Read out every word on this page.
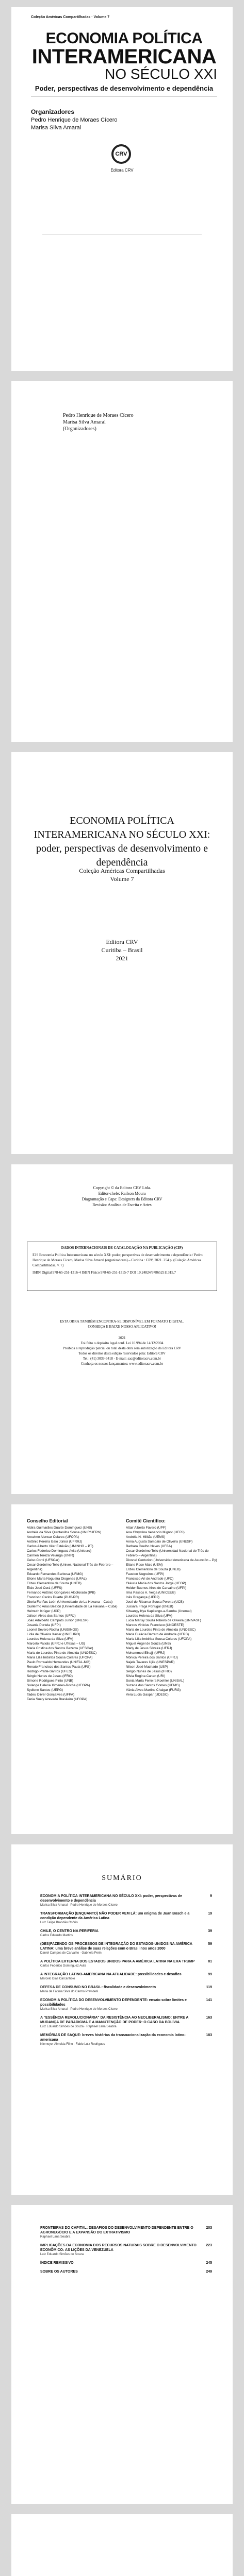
Coleção Américas Compartilhadas · Volume 7
ECONOMIA POLÍTICA
INTERAMERICANA
NO SÉCULO XXI
Poder, perspectivas de desenvolvimento e dependência
Organizadores
Pedro Henrique de Moraes Cícero
Marisa Silva Amaral
CRV
Editora CRV
Pedro Henrique de Moraes Cícero
Marisa Silva Amaral
(Organizadores)
ECONOMIA POLÍTICA INTERAMERICANA NO SÉCULO XXI: poder, perspectivas de desenvolvimento e dependência
Coleção Américas Compartilhadas
Volume 7
Editora CRV
Curitiba – Brasil
2021
Copyright © da Editora CRV Ltda.
Editor-chefe: Railson Moura
Diagramação e Capa: Designers da Editora CRV
Revisão: Analista de Escrita e Artes
DADOS INTERNACIONAIS DE CATALOGAÇÃO NA PUBLICAÇÃO (CIP)
E19 Economia Política Interamericana no século XXI: poder, perspectivas de desenvolvimento e dependência / Pedro Henrique de Moraes Cícero, Marisa Silva Amaral (organizadores) – Curitiba : CRV, 2021. 254 p. (Coleção Américas Compartilhadas, v. 7)
ISBN Digital 978-65-251-1316-4 ISBN Físico 978-65-251-1315-7 DOI 10.24824/978652511315.7
ESTA OBRA TAMBÉM ENCONTRA-SE DISPONÍVEL EM FORMATO DIGITAL.
CONHEÇA E BAIXE NOSSO APLICATIVO!
2021
Foi feito o depósito legal conf. Lei 10.994 de 14/12/2004
Proibida a reprodução parcial ou total desta obra sem autorização da Editora CRV
Todos os direitos desta edição reservados pela: Editora CRV
Tel.: (41) 3039-6418 - E-mail: sac@editoracrv.com.br
Conheça os nossos lançamentos: www.editoracrv.com.br
Conselho Editorial
Aldira Guimarães Duarte Domínguez (UNB)
Andréia da Silva Quintanilha Sousa (UNIR/UFRN)
Anselmo Alencar Colares (UFOPA)
Antônio Pereira Gaio Júnior (UFRRJ)
Carlos Alberto Vilar Estêvão (UMINHO – PT)
Carlos Federico Dominguez Avila (Unieuro)
Carmen Tereza Velanga (UNIR)
Celso Conti (UFSCar)
Cesar Gerónimo Tello (Univer. Nacional Três de Febrero – Argentina)
Eduardo Fernandes Barbosa (UFMG)
Elione Maria Nogueira Diogenes (UFAL)
Elizeu Clementino de Souza (UNEB)
Élsio José Corá (UFFS)
Fernando Antônio Gonçalves Alcoforado (IPB)
Francisco Carlos Duarte (PUC-PR)
Gloria Fariñas León (Universidade de La Havana – Cuba)
Guillermo Arias Beatón (Universidade de La Havana – Cuba)
Helmuth Krüger (UCP)
Jailson Alves dos Santos (UFRJ)
João Adalberto Campato Junior (UNESP)
Josania Portela (UFPI)
Leonel Severo Rocha (UNISINOS)
Lídia de Oliveira Xavier (UNIEURO)
Lourdes Helena da Silva (UFV)
Marcelo Paixão (UFRJ e UTexas – US)
Maria Cristina dos Santos Bezerra (UFSCar)
Maria de Lourdes Pinto de Almeida (UNOESC)
Maria Lília Imbiriba Sousa Colares (UFOPA)
Paulo Romualdo Hernandes (UNIFAL-MG)
Renato Francisco dos Santos Paula (UFG)
Rodrigo Pratte-Santos (UFES)
Sérgio Nunes de Jesus (IFRO)
Simone Rodrigues Pinto (UNB)
Solange Helena Ximenes-Rocha (UFOPA)
Sydione Santos (UEPG)
Tadeu Oliver Gonçalves (UFPA)
Tania Suely Azevedo Brasileiro (UFOPA)
Comitê Científico:
Altair Alberto Fávero (UPF)
Ana Chrystina Venancio Mignot (UERJ)
Andréia N. Militão (UEMS)
Anna Augusta Sampaio de Oliveira (UNESP)
Barbara Coelho Neves (UFBA)
Cesar Gerónimo Tello (Universidad Nacional de Três de Febrero – Argentina)
Diosnel Centurion (Universidad Americana de Asunción – Py)
Eliane Rose Maio (UEM)
Elizeu Clementino de Souza (UNEB)
Fauston Negreiros (UFPI)
Francisco Ari de Andrade (UFC)
Gláucia Maria dos Santos Jorge (UFOP)
Helder Buenos Aires de Carvalho (UFPI)
Ilma Passos A. Veiga (UNICEUB)
Inês Bragança (UERJ)
José de Ribamar Sousa Pereira (UCB)
Jussara Fraga Portugal (UNEB)
Kilwangy Kya Kapitango-a-Samba (Unemat)
Lourdes Helena da Silva (UFV)
Lucia Marisy Souza Ribeiro de Oliveira (UNIVASF)
Marcos Vinicius Francisco (UNOESTE)
Maria de Lourdes Pinto de Almeida (UNOESC)
Maria Eurácia Barreto de Andrade (UFRB)
Maria Lília Imbiriba Sousa Colares (UFOPA)
Míguel Ángel de Souza (UNB)
Marly de Jesus Silveira (UFRJ)
Mohammed Elhajji (UFRJ)
Mônica Pereira dos Santos (UFRJ)
Najela Tavares Ujiie (UNESPAR)
Nilson José Machado (USP)
Sérgio Nunes de Jesus (IFRO)
Silvia Regina Canan (URI)
Sonia Maria Ferreira Koehler (UNISAL)
Suzana dos Santos Gomes (UFMG)
Vânia Alves Martins Chaigar (FURG)
Vera Lucia Gaspar (UDESC)
SUMÁRIO
ECONOMIA POLÍTICA INTERAMERICANA NO SÉCULO XXI: poder, perspectivas de desenvolvimento e dependência
9
Marisa Silva Amaral · Pedro Henrique de Moraes Cícero
TRANSFORMAÇÃO (ENQUANTO) NÃO PODER VEM LÁ: um enigma de Juan Bosch e a condição dependente da América Latina
19
Luiz Felipe Brandão Osório
CHILE, O CENTRO NA PERIFERIA	39
Carlos Eduardo Martins
(DES)FAZENDO OS PROCESSOS DE INTEGRAÇÃO DO ESTADOS-UNIDOS NA AMÉRICA LATINA: uma breve análise de suas relações com o Brasil nos anos 2000
59
Daniel Campos de Carvalho · Gabriela Perin
A POLÍTICA EXTERNA DOS ESTADOS UNIDOS PARA A AMÉRICA LATINA NA ERA TRUMP	81
Carlos Federico Domínguez Avila
A INTEGRAÇÃO LATINO-AMERICANA NA ATUALIDADE: possibilidades e desafios	99
Marcelo Dias Carcanholo
DEFESA DE CONSUMO NO BRASIL: fiscalidade e desenvolvimento	119
Maria de Fátima Silva do Carmo Previdelli
ECONOMIA POLÍTICA DO DESENVOLVIMENTO DEPENDENTE: ensaio sobre limites e possibilidades
141
Marisa Silva Amaral · Pedro Henrique de Moraes Cícero
A "ESSÊNCIA REVOLUCIONÁRIA" DA RESISTÊNCIA AO NEOLIBERALISMO: ENTRE A MUDANÇA DE PARADIGMA E A MANUTENÇÃO DE PODER: O CASO DA BOLÍVIA
163
Luiz Eduardo Simões de Souza · Raphael Lana Seabra
MEMÓRIAS DE SAQUE: breves histórias da transnacionalização da economia latino-americana
183
Niemeyer Almeida Filho · Fabio Luiz Rodrigues
FRONTEIRAS DO CAPITAL: DESAFIOS DO DESENVOLVIMENTO DEPENDENTE ENTRE O AGRONEGÓCIO E A EXPANSÃO DO EXTRATIVISMO
203
Raphael Lana Seabra
IMPLICAÇÕES DA ECONOMIA DOS RECURSOS NATURAIS SOBRE O DESENVOLVIMENTO ECONÔMICO: AS LIÇÕES DA VENEZUELA
223
Luiz Eduardo Simões de Souza
ÍNDICE REMISSIVO	245
SOBRE OS AUTORES	249
